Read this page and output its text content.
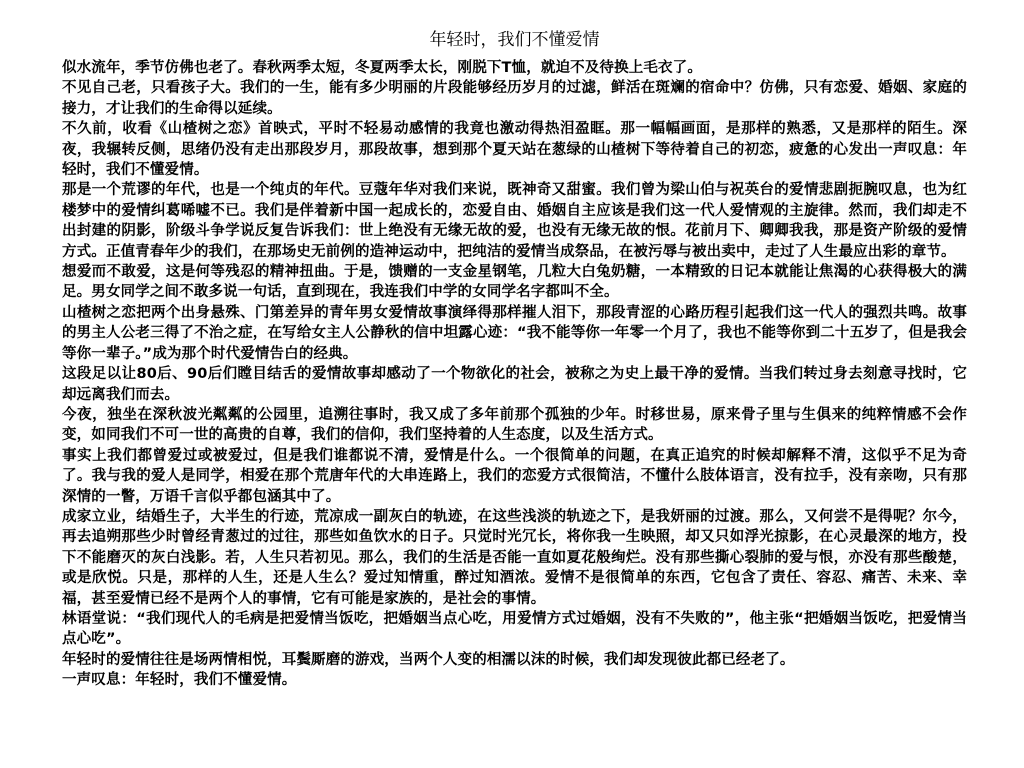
年轻时，我们不懂爱情

似水流年，季节仿佛也老了。春秋两季太短，冬夏两季太长，刚脱下T恤，就迫不及待换上毛衣了。

不见自己老，只看孩子大。我们的一生，能有多少明丽的片段能够经历岁月的过滤，鲜活在斑斓的宿命中？仿佛，只有恋爱、婚姻、家庭的接力，才让我们的生命得以延续。

不久前，收看《山楂树之恋》首映式，平时不轻易动感情的我竟也激动得热泪盈眶。那一幅幅画面，是那样的熟悉，又是那样的陌生。深夜，我辗转反侧，思绪仍没有走出那段岁月，那段故事，想到那个夏天站在葱绿的山楂树下等待着自己的初恋，疲惫的心发出一声叹息：年轻时，我们不懂爱情。

那是一个荒谬的年代，也是一个纯贞的年代。豆蔻年华对我们来说，既神奇又甜蜜。我们曾为梁山伯与祝英台的爱情悲剧扼腕叹息，也为红楼梦中的爱情纠葛唏嘘不已。我们是伴着新中国一起成长的，恋爱自由、婚姻自主应该是我们这一代人爱情观的主旋律。然而，我们却走不出封建的阴影，阶级斗争学说反复告诉我们：世上绝没有无缘无故的爱，也没有无缘无故的恨。花前月下、卿卿我我，那是资产阶级的爱情方式。正值青春年少的我们，在那场史无前例的造神运动中，把纯洁的爱情当成祭品，在被污辱与被出卖中，走过了人生最应出彩的章节。

想爱而不敢爱，这是何等残忍的精神扭曲。于是，馈赠的一支金星钢笔，几粒大白兔奶糖，一本精致的日记本就能让焦渴的心获得极大的满足。男女同学之间不敢多说一句话，直到现在，我连我们中学的女同学名字都叫不全。

山楂树之恋把两个出身悬殊、门第差异的青年男女爱情故事演绎得那样摧人泪下，那段青涩的心路历程引起我们这一代人的强烈共鸣。故事的男主人公老三得了不治之症，在写给女主人公静秋的信中坦露心迹：“我不能等你一年零一个月了，我也不能等你到二十五岁了，但是我会等你一辈子。”成为那个时代爱情告白的经典。

这段足以让80后、90后们瞠目结舌的爱情故事却感动了一个物欲化的社会，被称之为史上最干净的爱情。当我们转过身去刻意寻找时，它却远离我们而去。

今夜，独坐在深秋波光粼粼的公园里，追溯往事时，我又成了多年前那个孤独的少年。时移世易，原来骨子里与生俱来的纯粹情感不会作变，如同我们不可一世的高贵的自尊，我们的信仰，我们坚持着的人生态度，以及生活方式。

事实上我们都曾爱过或被爱过，但是我们谁都说不清，爱情是什么。一个很简单的问题，在真正追究的时候却解释不清，这似乎不足为奇了。我与我的爱人是同学，相爱在那个荒唐年代的大串连路上，我们的恋爱方式很简洁，不懂什么肢体语言，没有拉手，没有亲吻，只有那深情的一瞥，万语千言似乎都包涵其中了。

成家立业，结婚生子，大半生的行迹，荒凉成一副灰白的轨迹，在这些浅淡的轨迹之下，是我妍丽的过渡。那么，又何尝不是得呢？尔今，再去追朔那些少时曾经青葱过的过往，那些如鱼饮水的日子。只觉时光冗长，将你我一生映照，却又只如浮光掠影，在心灵最深的地方，投下不能磨灭的灰白浅影。若，人生只若初见。那么，我们的生活是否能一直如夏花般绚烂。没有那些撕心裂肺的爱与恨，亦没有那些酸楚，或是欣悦。只是，那样的人生，还是人生么？爱过知情重，醉过知酒浓。爱情不是很简单的东西，它包含了责任、容忍、痛苦、未来、幸福，甚至爱情已经不是两个人的事情，它有可能是家族的，是社会的事情。

林语堂说：“我们现代人的毛病是把爱情当饭吃，把婚姻当点心吃，用爱情方式过婚姻，没有不失败的”，他主张“把婚姻当饭吃，把爱情当点心吃”。

年轻时的爱情往往是场两情相悦，耳鬓厮磨的游戏，当两个人变的相濡以沫的时候，我们却发现彼此都已经老了。

一声叹息：年轻时，我们不懂爱情。
